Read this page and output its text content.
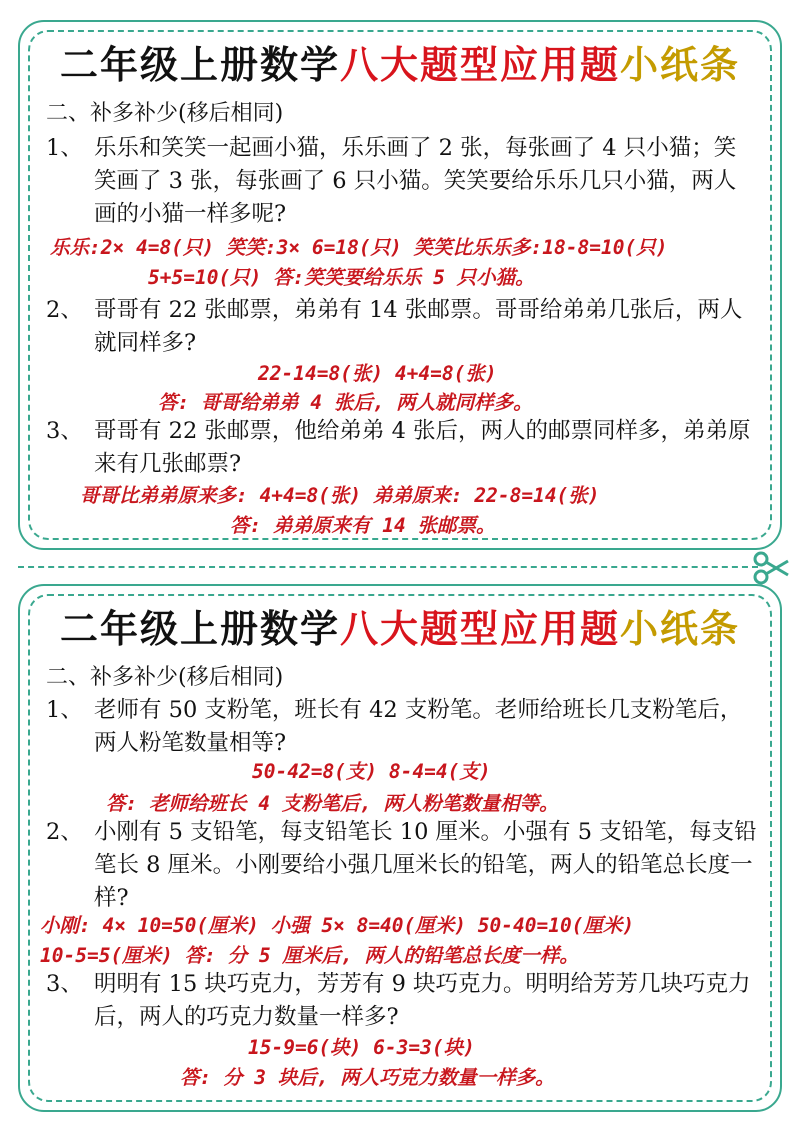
二年级上册数学八大题型应用题小纸条
二、补多补少(移后相同)
1、 乐乐和笑笑一起画小猫，乐乐画了 2 张，每张画了 4 只小猫；笑笑画了 3 张，每张画了 6 只小猫。笑笑要给乐乐几只小猫，两人画的小猫一样多呢?
乐乐:2× 4=8(只) 笑笑:3× 6=18(只) 笑笑比乐乐多:18-8=10(只)
5+5=10(只) 答:笑笑要给乐乐 5 只小猫。
2、 哥哥有 22 张邮票，弟弟有 14 张邮票。哥哥给弟弟几张后，两人就同样多?
22-14=8(张) 4+4=8(张)
答: 哥哥给弟弟 4 张后, 两人就同样多。
3、 哥哥有 22 张邮票，他给弟弟 4 张后，两人的邮票同样多，弟弟原来有几张邮票?
哥哥比弟弟原来多: 4+4=8(张) 弟弟原来: 22-8=14(张)
答: 弟弟原来有 14 张邮票。
二年级上册数学八大题型应用题小纸条
二、补多补少(移后相同)
1、 老师有 50 支粉笔，班长有 42 支粉笔。老师给班长几支粉笔后，两人粉笔数量相等?
50-42=8(支) 8-4=4(支)
答: 老师给班长 4 支粉笔后, 两人粉笔数量相等。
2、 小刚有 5 支铅笔，每支铅笔长 10 厘米。小强有 5 支铅笔，每支铅笔长 8 厘米。小刚要给小强几厘米长的铅笔，两人的铅笔总长度一样?
小刚: 4× 10=50(厘米) 小强 5× 8=40(厘米) 50-40=10(厘米)
10-5=5(厘米) 答: 分 5 厘米后, 两人的铅笔总长度一样。
3、 明明有 15 块巧克力，芳芳有 9 块巧克力。明明给芳芳几块巧克力后，两人的巧克力数量一样多?
15-9=6(块) 6-3=3(块)
答: 分 3 块后, 两人巧克力数量一样多。
